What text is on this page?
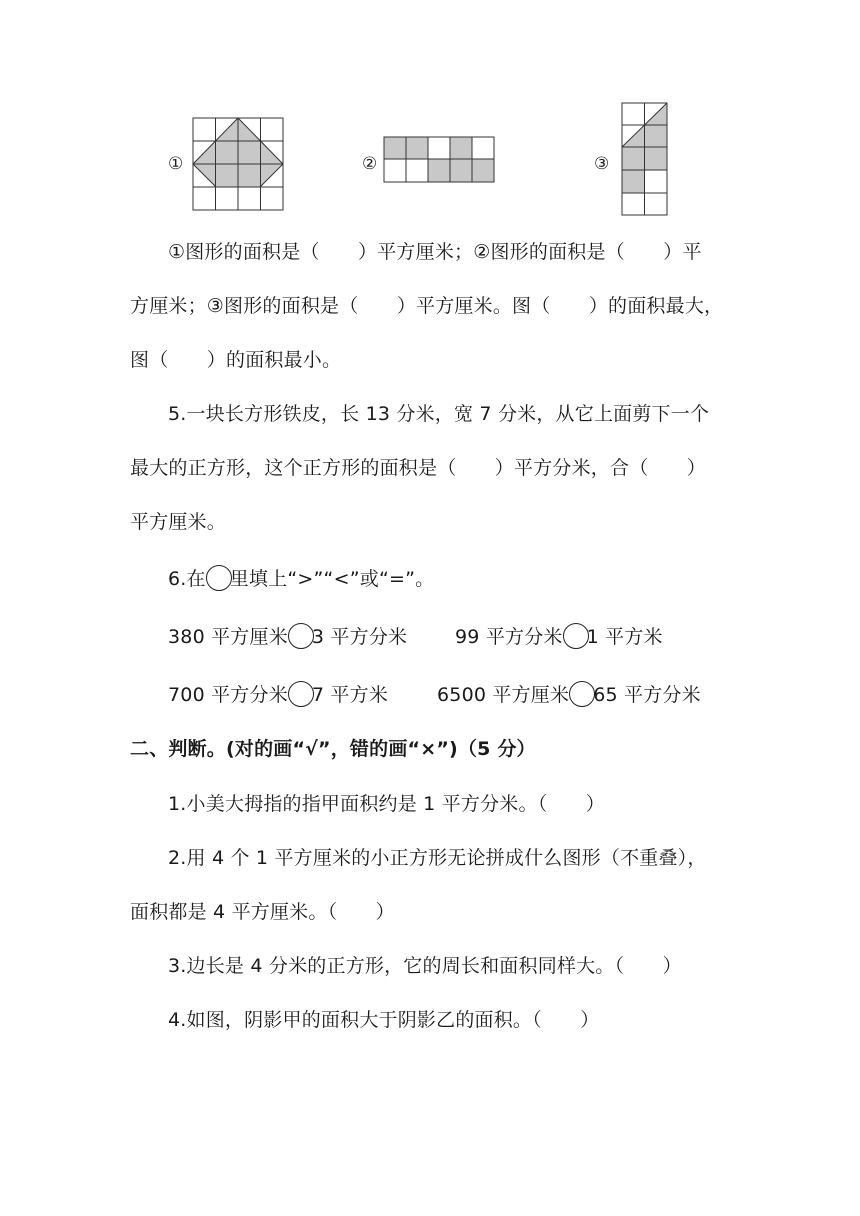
①	②	③
①图形的面积是（　　）平方厘米；②图形的面积是（　　）平
方厘米；③图形的面积是（　　）平方厘米。图（　　）的面积最大，
图（　　）的面积最小。
5.一块长方形铁皮，长 13 分米，宽 7 分米，从它上面剪下一个
最大的正方形，这个正方形的面积是（　　）平方分米，合（　　）
平方厘米。
6.在 里填上“>”“<”或“=”。
380 平方厘米 3 平方分米	99 平方分米 1 平方米
700 平方分米 7 平方米	6500 平方厘米 65 平方分米
二、判断。(对的画“√”，错的画“×”)（5 分）
1.小美大拇指的指甲面积约是 1 平方分米。（　　）
2.用 4 个 1 平方厘米的小正方形无论拼成什么图形（不重叠），
面积都是 4 平方厘米。（　　）
3.边长是 4 分米的正方形，它的周长和面积同样大。（　　）
4.如图，阴影甲的面积大于阴影乙的面积。（　　）
